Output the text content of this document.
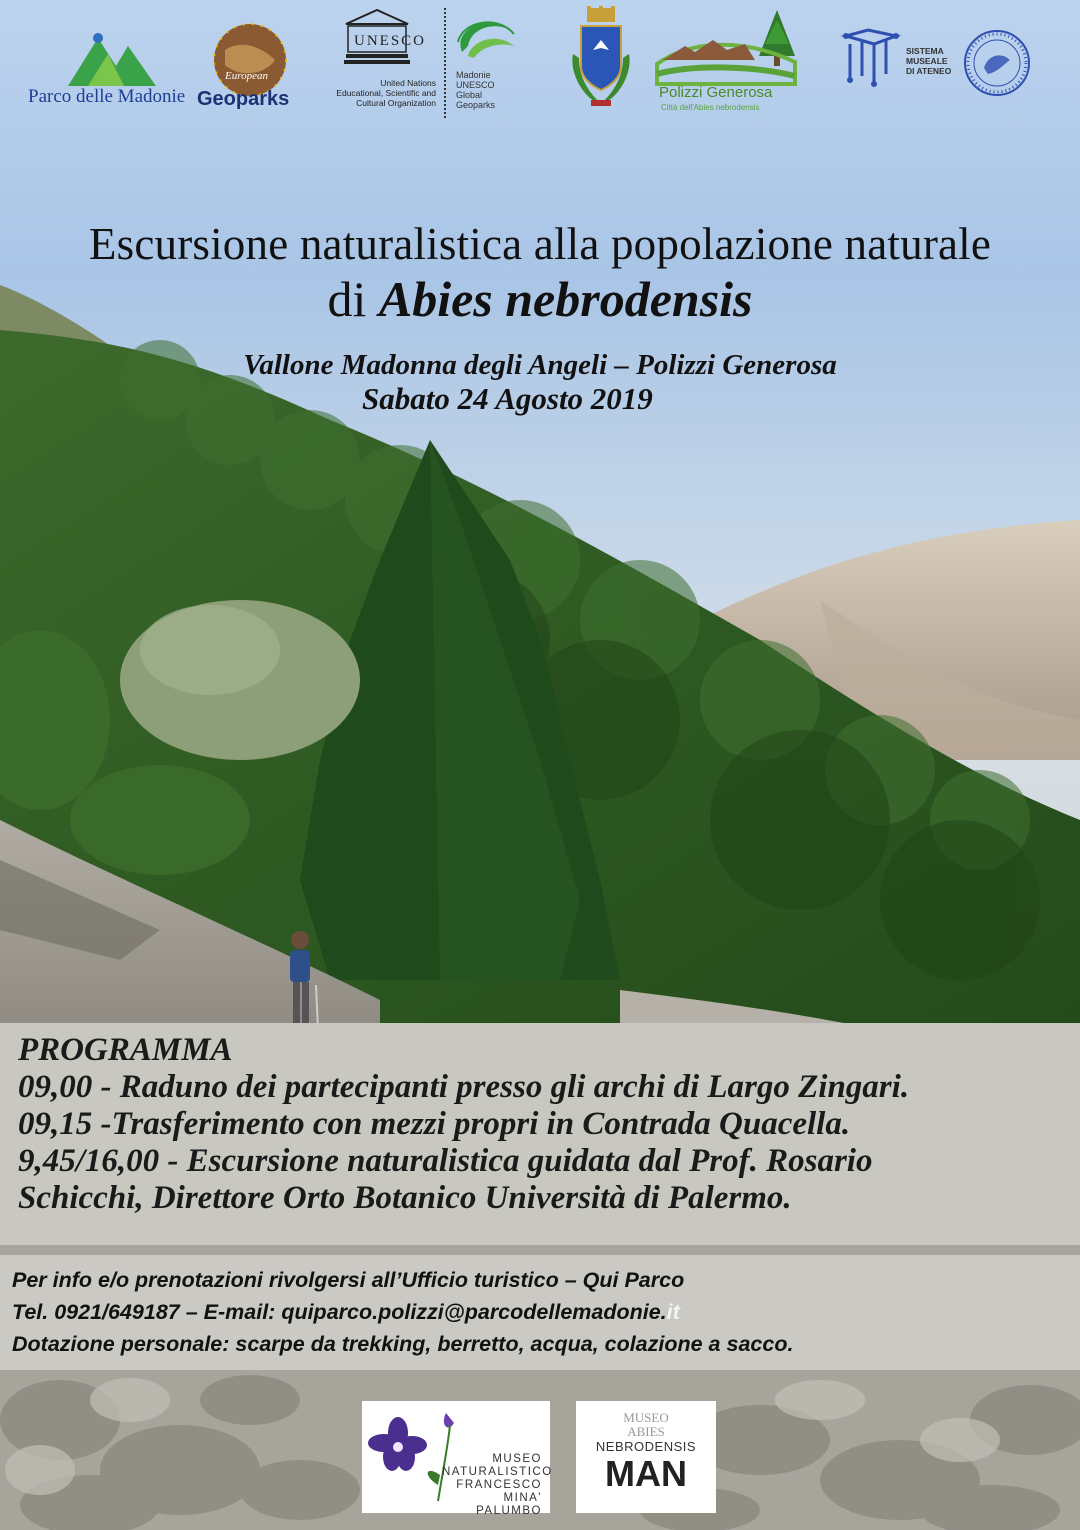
Parco delle Madonie
European
Geoparks
UNESCO
United Nations
Educational, Scientific and
Cultural Organization
Madonie
UNESCO
Global
Geoparks
Polizzi Generosa
Città dell'Abies nebrodensis
SISTEMA
MUSEALE
DI ATENEO
Escursione naturalistica alla popolazione naturale
di Abies nebrodensis
Vallone Madonna degli Angeli – Polizzi Generosa
Sabato 24 Agosto 2019
PROGRAMMA
09,00 - Raduno dei partecipanti presso gli archi di Largo Zingari.
09,15 -Trasferimento con mezzi propri in Contrada Quacella.
9,45/16,00 - Escursione naturalistica guidata dal Prof. Rosario
Schicchi, Direttore Orto Botanico Università di Palermo.
Per info e/o prenotazioni rivolgersi all’Ufficio turistico – Qui Parco
Tel. 0921/649187 – E-mail: quiparco.polizzi@parcodellemadonie.it
Dotazione personale: scarpe da trekking, berretto, acqua, colazione a sacco.
MUSEO
NATURALISTICO
FRANCESCO
MINA' PALUMBO
MUSEO
ABIES
NEBRODENSIS
MAN
